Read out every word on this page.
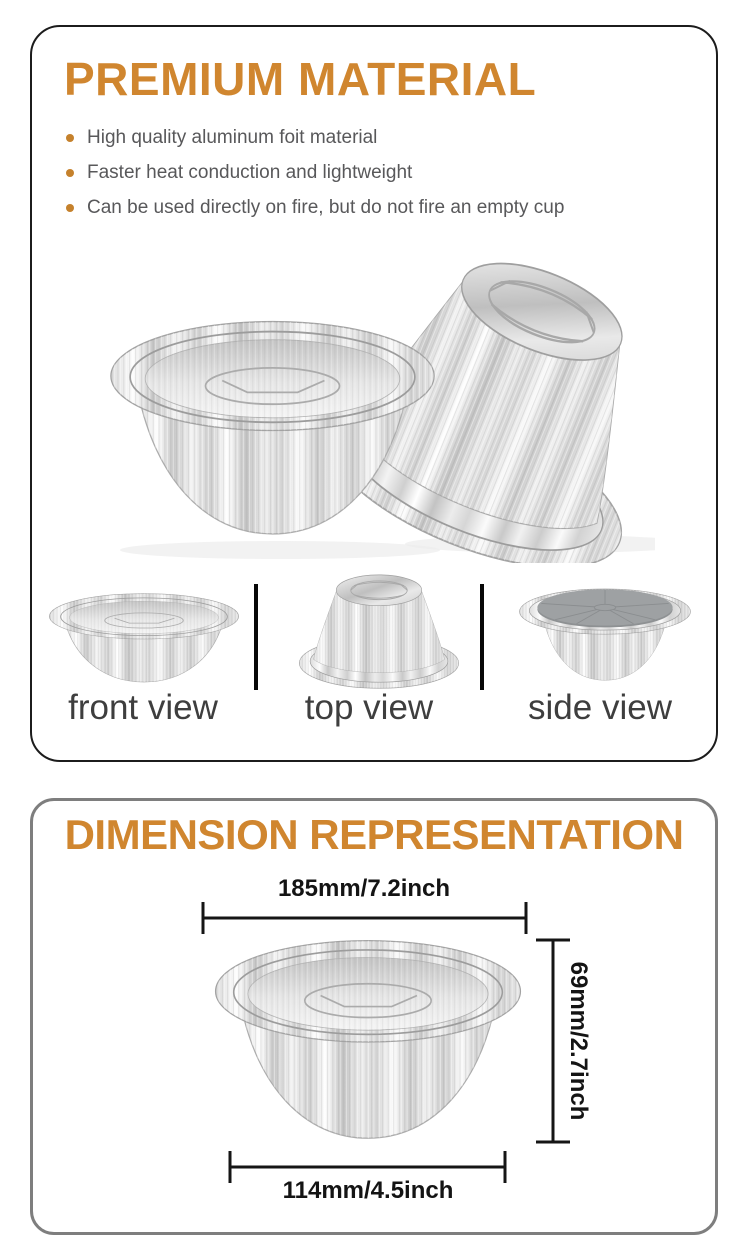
PREMIUM MATERIAL
High quality aluminum foit material
Faster heat conduction and lightweight
Can be used directly on fire, but do not fire an empty cup
front view	top view	side view
DIMENSION REPRESENTATION
185mm/7.2inch
69mm/2.7inch
114mm/4.5inch
